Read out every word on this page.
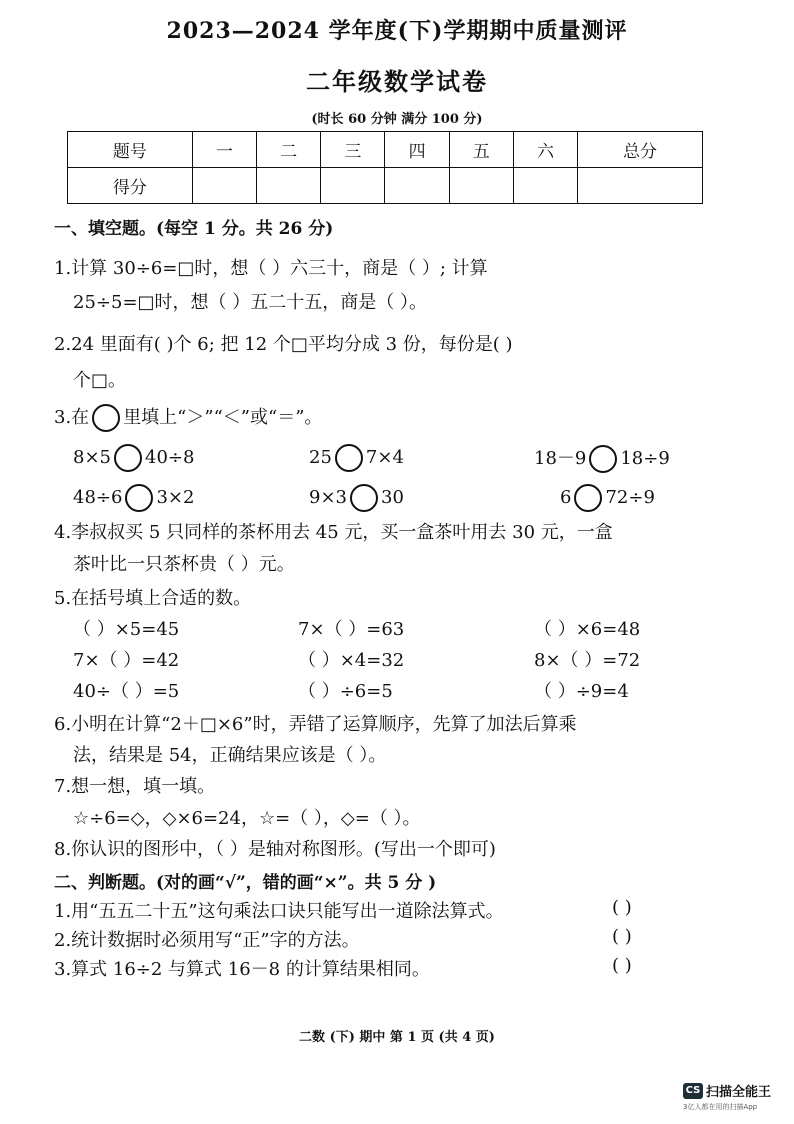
2023—2024 学年度(下)学期期中质量测评
二年级数学试卷
(时长 60 分钟 满分 100 分)
题号	一	二	三	四	五	六	总分
得分							
一、填空题。(每空 1 分。共 26 分)
1.计算 30÷6=□时，想（ ）六三十，商是（ ）; 计算
25÷5=□时，想（ ）五二十五，商是（ ）。
2.24 里面有( )个 6; 把 12 个□平均分成 3 份，每份是( )
个□。
3.在 里填上“＞”“＜”或“＝”。
8×5 40÷8	25 7×4	18－9 18÷9
48÷6 3×2	9×3 30	6 72÷9
4.李叔叔买 5 只同样的茶杯用去 45 元，买一盒茶叶用去 30 元，一盒
茶叶比一只茶杯贵（ ）元。
5.在括号填上合适的数。
（ ）×5=45	7×（ ）=63	（ ）×6=48
7×（ ）=42	（ ）×4=32	8×（ ）=72
40÷（ ）=5	（ ）÷6=5	（ ）÷9=4
6.小明在计算“2＋□×6”时，弄错了运算顺序，先算了加法后算乘
法，结果是 54，正确结果应该是（ ）。
7.想一想，填一填。
☆÷6=◇，◇×6=24，☆=（ ），◇=（ ）。
8.你认识的图形中，（ ）是轴对称图形。(写出一个即可)
二、判断题。(对的画“√”，错的画“×”。共 5 分 )
1.用“五五二十五”这句乘法口诀只能写出一道除法算式。	( )
2.统计数据时必须用写“正”字的方法。	( )
3.算式 16÷2 与算式 16－8 的计算结果相同。	( )
二数 (下) 期中 第 1 页 (共 4 页)
CS 扫描全能王
3亿人都在用的扫描App
